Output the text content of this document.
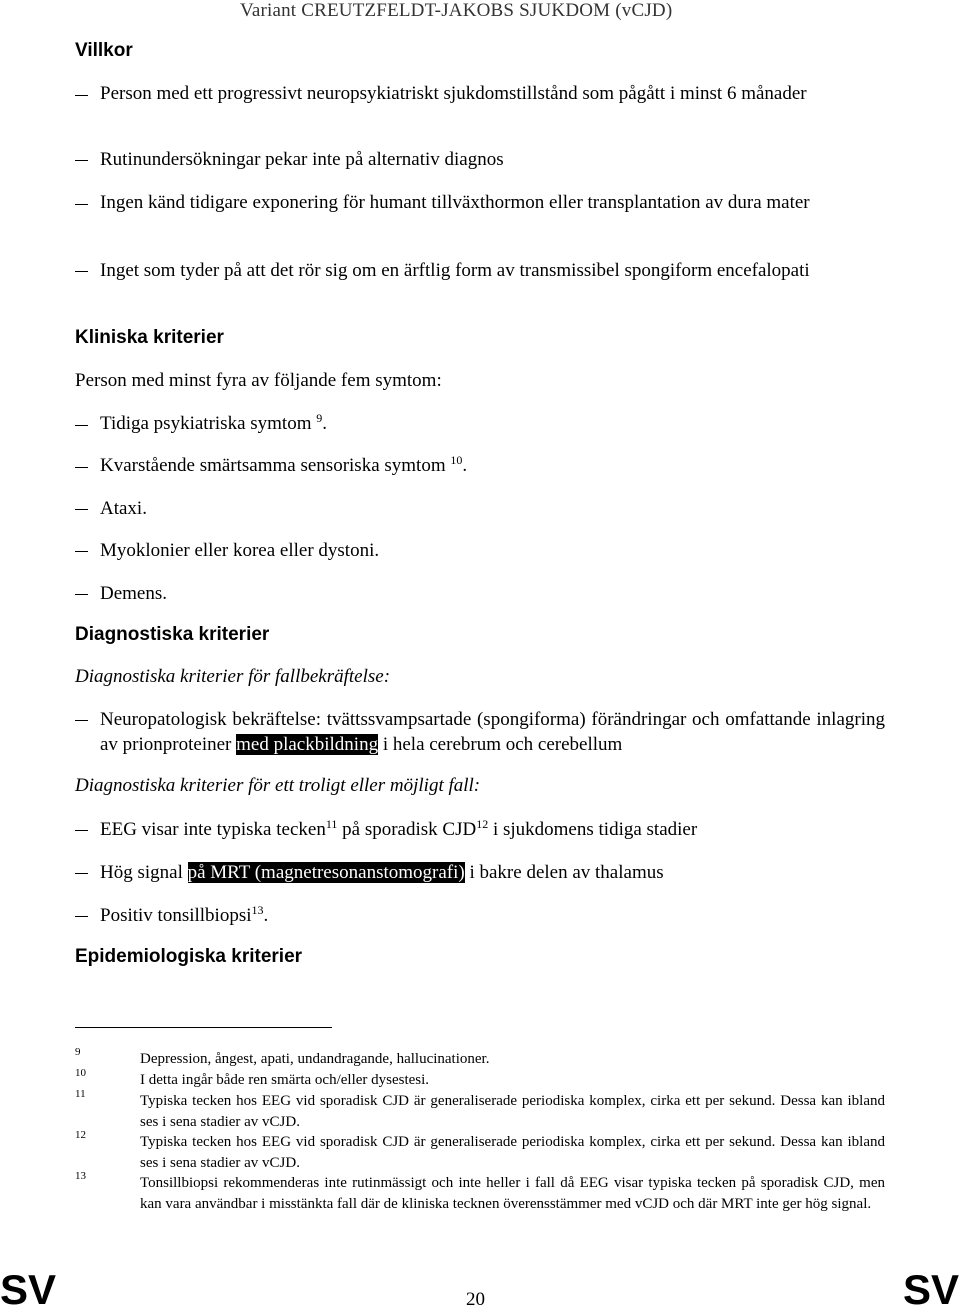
Variant CREUTZFELDT-JAKOBS SJUKDOM (vCJD)
Villkor
Person med ett progressivt neuropsykiatriskt sjukdomstillstånd som pågått i minst 6 månader
Rutinundersökningar pekar inte på alternativ diagnos
Ingen känd tidigare exponering för humant tillväxthormon eller transplantation av dura mater
Inget som tyder på att det rör sig om en ärftlig form av transmissibel spongiform encefalopati
Kliniska kriterier
Person med minst fyra av följande fem symtom:
Tidiga psykiatriska symtom $^9$.
Kvarstående smärtsamma sensoriska symtom $^{10}$.
Ataxi.
Myoklonier eller korea eller dystoni.
Demens.
Diagnostiska kriterier
Diagnostiska kriterier för fallbekräftelse:
Neuropatologisk bekräftelse: tvättssvampsartade (spongiforma) förändringar och omfattande inlagring av prionproteiner med plackbildning i hela cerebrum och cerebellum
Diagnostiska kriterier för ett troligt eller möjligt fall:
EEG visar inte typiska tecken$^{11}$ på sporadisk CJD$^{12}$ i sjukdomens tidiga stadier
Hög signal på MRT (magnetresonanstomografi) i bakre delen av thalamus
Positiv tonsillbiopsi$^{13}$.
Epidemiologiska kriterier
9	Depression, ångest, apati, undandragande, hallucinationer.
10	I detta ingår både ren smärta och/eller dysestesi.
11	Typiska tecken hos EEG vid sporadisk CJD är generaliserade periodiska komplex, cirka ett per sekund. Dessa kan ibland ses i sena stadier av vCJD.
12	Typiska tecken hos EEG vid sporadisk CJD är generaliserade periodiska komplex, cirka ett per sekund. Dessa kan ibland ses i sena stadier av vCJD.
13	Tonsillbiopsi rekommenderas inte rutinmässigt och inte heller i fall då EEG visar typiska tecken på sporadisk CJD, men kan vara användbar i misstänkta fall där de kliniska tecknen överensstämmer med vCJD och där MRT inte ger hög signal.
SV	SV
20
